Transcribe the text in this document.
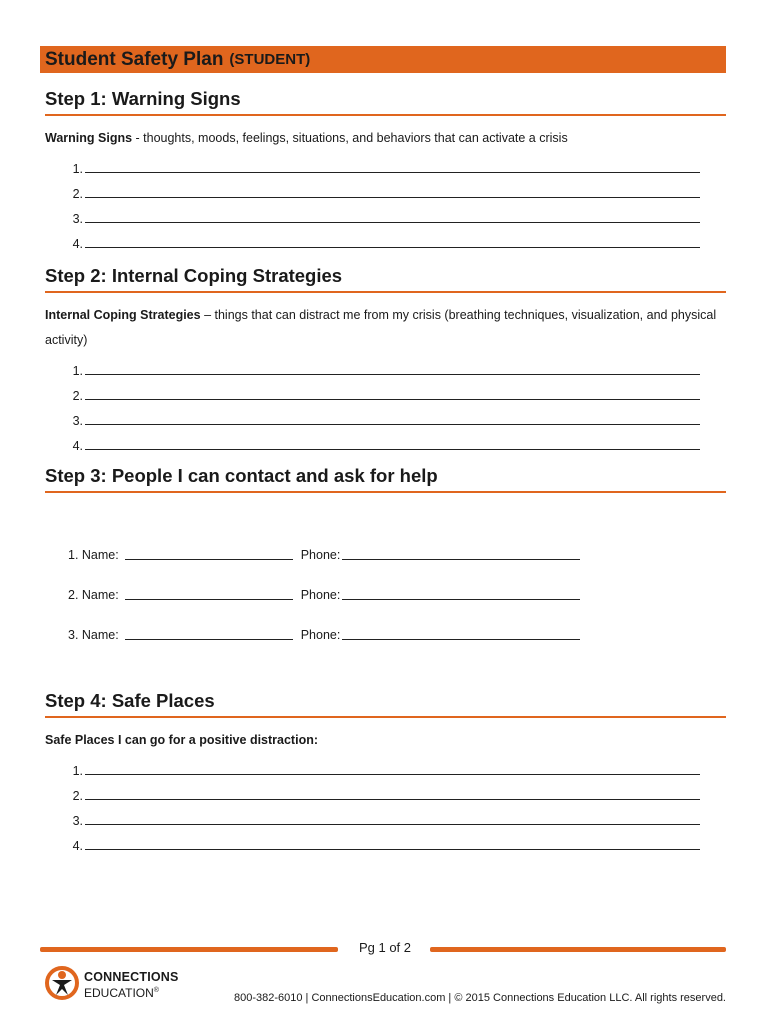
Student Safety Plan (STUDENT)
Step 1: Warning Signs
Warning Signs - thoughts, moods, feelings, situations, and behaviors that can activate a crisis
1.
2.
3.
4.
Step 2: Internal Coping Strategies
Internal Coping Strategies – things that can distract me from my crisis (breathing techniques, visualization, and physical activity)
1.
2.
3.
4.
Step 3: People I can contact and ask for help
1. Name:	Phone:
2. Name:	Phone:
3. Name:	Phone:
Step 4: Safe Places
Safe Places I can go for a positive distraction:
1.
2.
3.
4.
Pg 1 of 2
CONNECTIONS
EDUCATION®
800-382-6010 | ConnectionsEducation.com | © 2015 Connections Education LLC. All rights reserved.
